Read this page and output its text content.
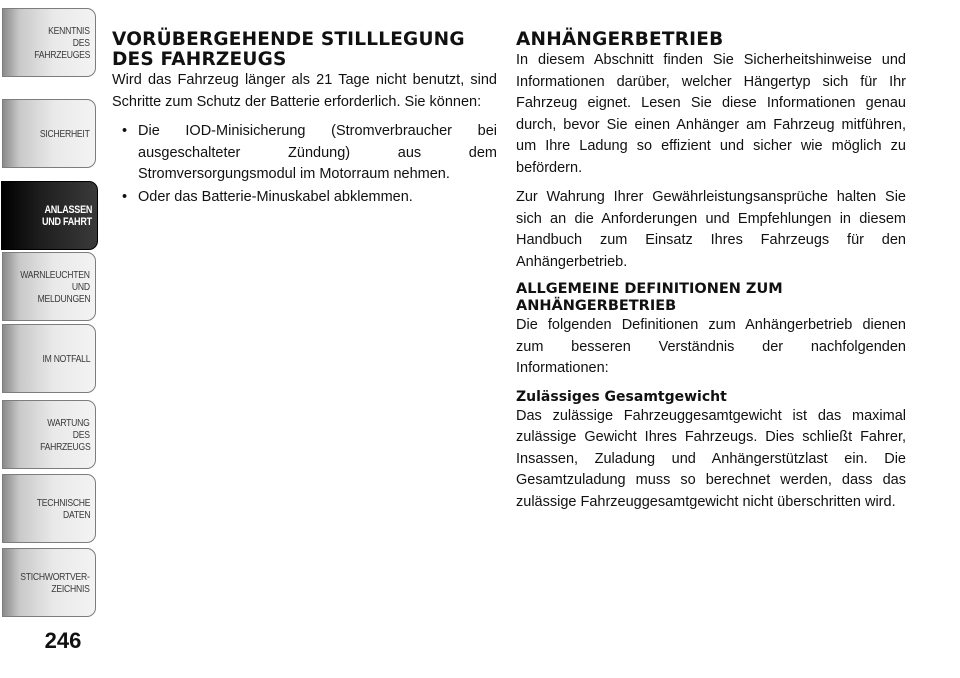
KENNTNIS
DES
FAHRZEUGES
SICHERHEIT
ANLASSEN
UND FAHRT
WARNLEUCHTEN
UND
MELDUNGEN
IM NOTFALL
WARTUNG
DES
FAHRZEUGS
TECHNISCHE
DATEN
STICHWORTVER-
ZEICHNIS
246
VORÜBERGEHENDE STILLLEGUNG
DES FAHRZEUGS

Wird das Fahrzeug länger als 21 Tage nicht benutzt, sind Schritte zum Schutz der Batterie erforderlich. Sie können:

• Die IOD-Minisicherung (Stromverbraucher bei ausgeschalteter Zündung) aus dem Stromversorgungsmodul im Motorraum nehmen.
• Oder das Batterie-Minuskabel abklemmen.
ANHÄNGERBETRIEB

In diesem Abschnitt finden Sie Sicherheitshinweise und Informationen darüber, welcher Hängertyp sich für Ihr Fahrzeug eignet. Lesen Sie diese Informationen genau durch, bevor Sie einen Anhänger am Fahrzeug mitführen, um Ihre Ladung so effizient und sicher wie möglich zu befördern.

Zur Wahrung Ihrer Gewährleistungsansprüche halten Sie sich an die Anforderungen und Empfehlungen in diesem Handbuch zum Einsatz Ihres Fahrzeugs für den Anhängerbetrieb.

ALLGEMEINE DEFINITIONEN ZUM
ANHÄNGERBETRIEB

Die folgenden Definitionen zum Anhängerbetrieb dienen zum besseren Verständnis der nachfolgenden Informationen:

Zulässiges Gesamtgewicht

Das zulässige Fahrzeuggesamtgewicht ist das maximal zulässige Gewicht Ihres Fahrzeugs. Dies schließt Fahrer, Insassen, Zuladung und Anhängerstützlast ein. Die Gesamtzuladung muss so berechnet werden, dass das zulässige Fahrzeuggesamtgewicht nicht überschritten wird.
